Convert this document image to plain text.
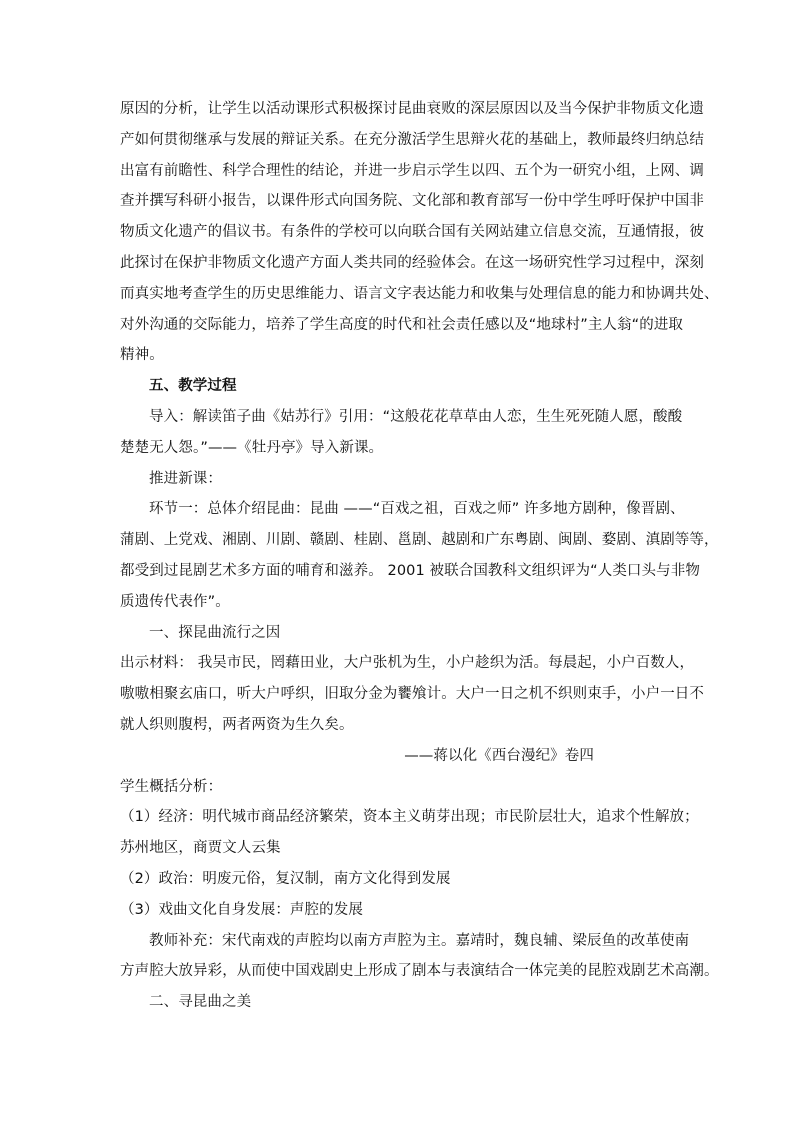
原因的分析，让学生以活动课形式积极探讨昆曲衰败的深层原因以及当今保护非物质文化遗
产如何贯彻继承与发展的辩证关系。在充分激活学生思辩火花的基础上，教师最终归纳总结
出富有前瞻性、科学合理性的结论，并进一步启示学生以四、五个为一研究小组，上网、调
查并撰写科研小报告，以课件形式向国务院、文化部和教育部写一份中学生呼吁保护中国非
物质文化遗产的倡议书。有条件的学校可以向联合国有关网站建立信息交流，互通情报，彼
此探讨在保护非物质文化遗产方面人类共同的经验体会。在这一场研究性学习过程中，深刻
而真实地考查学生的历史思维能力、语言文字表达能力和收集与处理信息的能力和协调共处、
对外沟通的交际能力，培养了学生高度的时代和社会责任感以及“地球村”主人翁“的进取
精神。
五、教学过程
导入：解读笛子曲《姑苏行》引用：“这般花花草草由人恋，生生死死随人愿，酸酸
楚楚无人怨。”——《牡丹亭》导入新课。
推进新课：
环节一：总体介绍昆曲：昆曲 ——“百戏之祖，百戏之师” 许多地方剧种，像晋剧、
蒲剧、上党戏、湘剧、川剧、赣剧、桂剧、邕剧、越剧和广东粤剧、闽剧、婺剧、滇剧等等，
都受到过昆剧艺术多方面的哺育和滋养。 2001 被联合国教科文组织评为“人类口头与非物
质遗传代表作”。
一、探昆曲流行之因
出示材料： 我吴市民，罔藉田业，大户张机为生，小户趁织为活。每晨起，小户百数人，
嗷嗷相聚玄庙口，听大户呼织，旧取分金为饔飧计。大户一日之机不织则束手，小户一日不
就人织则腹枵，两者两资为生久矣。
——蒋以化《西台漫纪》卷四
学生概括分析：
（1）经济：明代城市商品经济繁荣，资本主义萌芽出现；市民阶层壮大，追求个性解放；
苏州地区，商贾文人云集
（2）政治：明废元俗，复汉制，南方文化得到发展
（3）戏曲文化自身发展：声腔的发展
教师补充：宋代南戏的声腔均以南方声腔为主。嘉靖时，魏良辅、梁辰鱼的改革使南
方声腔大放异彩，从而使中国戏剧史上形成了剧本与表演结合一体完美的昆腔戏剧艺术高潮。
二、寻昆曲之美
